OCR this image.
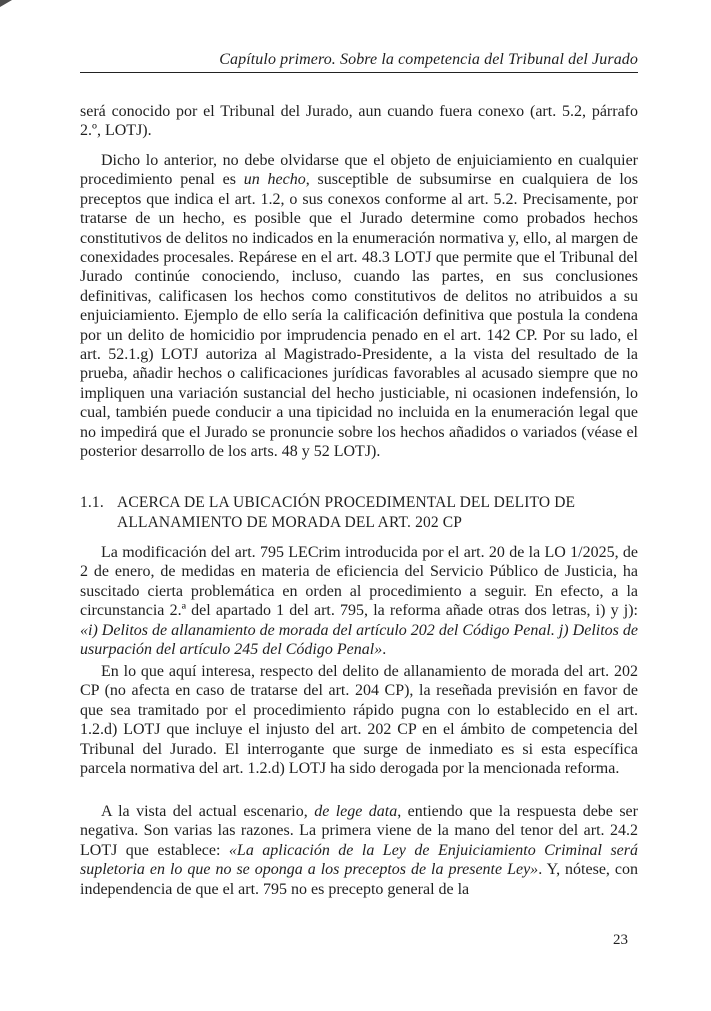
Capítulo primero. Sobre la competencia del Tribunal del Jurado

será conocido por el Tribunal del Jurado, aun cuando fuera conexo (art. 5.2, párrafo 2.º, LOTJ).

Dicho lo anterior, no debe olvidarse que el objeto de enjuiciamiento en cualquier procedimiento penal es un hecho, susceptible de subsumirse en cualquiera de los preceptos que indica el art. 1.2, o sus conexos conforme al art. 5.2. Precisamente, por tratarse de un hecho, es posible que el Jurado determine como probados hechos constitutivos de delitos no indicados en la enumeración normativa y, ello, al margen de conexidades procesales. Repárese en el art. 48.3 LOTJ que permite que el Tribunal del Jurado continúe conociendo, incluso, cuando las partes, en sus conclusiones definitivas, calificasen los hechos como constitutivos de delitos no atribuidos a su enjuiciamiento. Ejemplo de ello sería la calificación definitiva que postula la condena por un delito de homicidio por imprudencia penado en el art. 142 CP. Por su lado, el art. 52.1.g) LOTJ autoriza al Magistrado-Presidente, a la vista del resultado de la prueba, añadir hechos o calificaciones jurídicas favorables al acusado siempre que no impliquen una variación sustancial del hecho justiciable, ni ocasionen indefensión, lo cual, también puede conducir a una tipicidad no incluida en la enumeración legal que no impedirá que el Jurado se pronuncie sobre los hechos añadidos o variados (véase el posterior desarrollo de los arts. 48 y 52 LOTJ).

1.1. ACERCA DE LA UBICACIÓN PROCEDIMENTAL DEL DELITO DE ALLANAMIENTO DE MORADA DEL ART. 202 CP

La modificación del art. 795 LECrim introducida por el art. 20 de la LO 1/2025, de 2 de enero, de medidas en materia de eficiencia del Servicio Público de Justicia, ha suscitado cierta problemática en orden al procedimiento a seguir. En efecto, a la circunstancia 2.ª del apartado 1 del art. 795, la reforma añade otras dos letras, i) y j): «i) Delitos de allanamiento de morada del artículo 202 del Código Penal. j) Delitos de usurpación del artículo 245 del Código Penal».

En lo que aquí interesa, respecto del delito de allanamiento de morada del art. 202 CP (no afecta en caso de tratarse del art. 204 CP), la reseñada previsión en favor de que sea tramitado por el procedimiento rápido pugna con lo establecido en el art. 1.2.d) LOTJ que incluye el injusto del art. 202 CP en el ámbito de competencia del Tribunal del Jurado. El interrogante que surge de inmediato es si esta específica parcela normativa del art. 1.2.d) LOTJ ha sido derogada por la mencionada reforma.

A la vista del actual escenario, de lege data, entiendo que la respuesta debe ser negativa. Son varias las razones. La primera viene de la mano del tenor del art. 24.2 LOTJ que establece: «La aplicación de la Ley de Enjuiciamiento Criminal será supletoria en lo que no se oponga a los preceptos de la presente Ley». Y, nótese, con independencia de que el art. 795 no es precepto general de la

23
